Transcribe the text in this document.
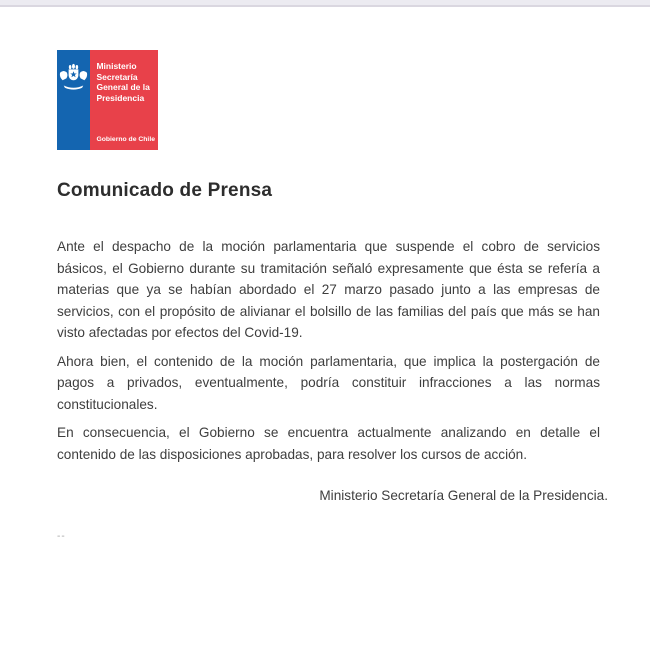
Ministerio
Secretaría
General de la
Presidencia
Gobierno de Chile
Comunicado de Prensa

Ante el despacho de la moción parlamentaria que suspende el cobro de servicios básicos, el Gobierno durante su tramitación señaló expresamente que ésta se refería a materias que ya se habían abordado el 27 marzo pasado junto a las empresas de servicios, con el propósito de alivianar el bolsillo de las familias del país que más se han visto afectadas por efectos del Covid-19.

Ahora bien, el contenido de la moción parlamentaria, que implica la postergación de pagos a privados, eventualmente, podría constituir infracciones a las normas constitucionales.

En consecuencia, el Gobierno se encuentra actualmente analizando en detalle el contenido de las disposiciones aprobadas, para resolver los cursos de acción.

Ministerio Secretaría General de la Presidencia.
--
